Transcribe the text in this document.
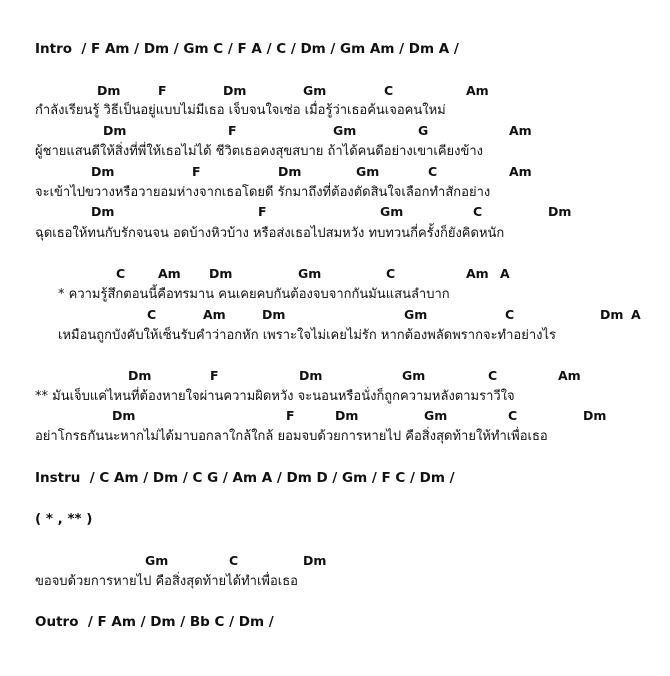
Intro  / F Am / Dm / Gm C / F A / C / Dm / Gm Am / Dm A /
Dm	F	Dm	Gm	C	Am
กำลังเรียนรู้ วิธีเป็นอยู่แบบไม่มีเธอ เจ็บจนใจเซ่อ เมื่อรู้ว่าเธอค้นเจอคนใหม่
Dm	F	Gm	G	Am
ผู้ชายแสนดีให้สิ่งที่พี่ให้เธอไม่ได้ ชีวิตเธอคงสุขสบาย ถ้าได้คนดีอย่างเขาเคียงข้าง
Dm	F	Dm	Gm	C	Am
จะเข้าไปขวางหรือวายอมห่างจากเธอโดยดี รักมาถึงที่ต้องตัดสินใจเลือกทำสักอย่าง
Dm	F	Gm	C	Dm
ฉุดเธอให้ทนกับรักจนจน อดบ้างหิวบ้าง หรือส่งเธอไปสมหวัง ทบทวนกี่ครั้งก็ยังคิดหนัก
C	Am Dm	Gm	C	Am A
* ความรู้สึกตอนนี้คือทรมาน คนเคยคบกันต้องจบจากกันมันแสนลำบาก
C	Am	Dm	Gm	C	Dm A
เหมือนถูกบังคับให้เซ็นรับคำว่าอกหัก เพราะใจไม่เคยไม่รัก หากต้องพลัดพรากจะทำอย่างไร
Dm	F	Dm	Gm	C	Am
** มันเจ็บแค่ไหนที่ต้องหายใจผ่านความผิดหวัง จะนอนหรือนั่งก็ถูกความหลังตามราวีใจ
Dm	F	Dm	Gm	C	Dm
อย่าโกรธกันนะหากไม่ได้มาบอกลาใกล้ใกล้ ยอมจบด้วยการหายไป คือสิ่งสุดท้ายให้ทำเพื่อเธอ
Instru  / C Am / Dm / C G / Am A / Dm D / Gm / F C / Dm /
( * , ** )
Gm	C	Dm
ขอจบด้วยการหายไป คือสิ่งสุดท้ายได้ทำเพื่อเธอ
Outro  / F Am / Dm / Bb C / Dm /
